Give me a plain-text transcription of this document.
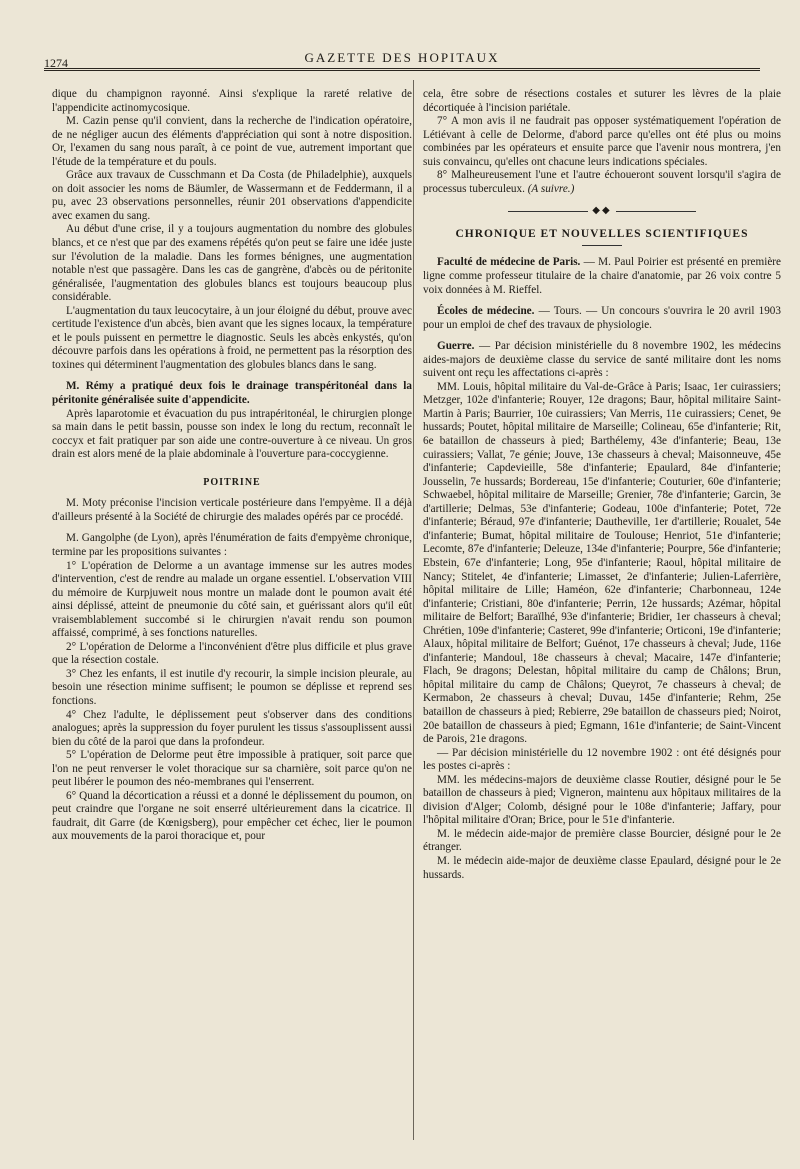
1274	GAZETTE DES HOPITAUX

dique du champignon rayonné. Ainsi s'explique la rareté relative de l'appendicite actinomycosique.

M. Cazin pense qu'il convient, dans la recherche de l'indication opératoire, de ne négliger aucun des éléments d'appréciation qui sont à notre disposition. Or, l'examen du sang nous paraît, à ce point de vue, autrement important que l'étude de la température et du pouls.

Grâce aux travaux de Cusschmann et Da Costa (de Philadelphie), auxquels on doit associer les noms de Bäumler, de Wassermann et de Feddermann, il a pu, avec 23 observations personnelles, réunir 201 observations d'appendicite avec examen du sang.

Au début d'une crise, il y a toujours augmentation du nombre des globules blancs, et ce n'est que par des examens répétés qu'on peut se faire une idée juste sur l'évolution de la maladie. Dans les formes bénignes, une augmentation notable n'est que passagère. Dans les cas de gangrène, d'abcès ou de péritonite généralisée, l'augmentation des globules blancs est toujours beaucoup plus considérable.

L'augmentation du taux leucocytaire, à un jour éloigné du début, prouve avec certitude l'existence d'un abcès, bien avant que les signes locaux, la température et le pouls puissent en permettre le diagnostic. Seuls les abcès enkystés, qu'on découvre parfois dans les opérations à froid, ne permettent pas la résorption des toxines qui déterminent l'augmentation des globules blancs dans le sang.

M. Rémy a pratiqué deux fois le drainage transpéritonéal dans la péritonite généralisée suite d'appendicite.

Après laparotomie et évacuation du pus intrapéritonéal, le chirurgien plonge sa main dans le petit bassin, pousse son index le long du rectum, reconnaît le coccyx et fait pratiquer par son aide une contre-ouverture à ce niveau. Un gros drain est alors mené de la plaie abdominale à l'ouverture para-coccygienne.

POITRINE

M. Moty préconise l'incision verticale postérieure dans l'empyème. Il a déjà d'ailleurs présenté à la Société de chirurgie des malades opérés par ce procédé.

M. Gangolphe (de Lyon), après l'énumération de faits d'empyème chronique, termine par les propositions suivantes :

1° L'opération de Delorme a un avantage immense sur les autres modes d'intervention, c'est de rendre au malade un organe essentiel. L'observation VIII du mémoire de Kurpjuweit nous montre un malade dont le poumon avait été ainsi déplissé, atteint de pneumonie du côté sain, et guérissant alors qu'il eût vraisemblablement succombé si le chirurgien n'avait rendu son poumon affaissé, comprimé, à ses fonctions naturelles.

2° L'opération de Delorme a l'inconvénient d'être plus difficile et plus grave que la résection costale.

3° Chez les enfants, il est inutile d'y recourir, la simple incision pleurale, au besoin une résection minime suffisent; le poumon se déplisse et reprend ses fonctions.

4° Chez l'adulte, le déplissement peut s'observer dans des conditions analogues; après la suppression du foyer purulent les tissus s'assouplissent aussi bien du côté de la paroi que dans la profondeur.

5° L'opération de Delorme peut être impossible à pratiquer, soit parce que l'on ne peut renverser le volet thoracique sur sa charnière, soit parce qu'on ne peut libérer le poumon des néo-membranes qui l'enserrent.

6° Quand la décortication a réussi et a donné le déplissement du poumon, on peut craindre que l'organe ne soit enserré ultérieurement dans la cicatrice. Il faudrait, dit Garre (de Kœnigsberg), pour empêcher cet échec, lier le poumon aux mouvements de la paroi thoracique et, pour

cela, être sobre de résections costales et suturer les lèvres de la plaie décortiquée à l'incision pariétale.

7° A mon avis il ne faudrait pas opposer systématiquement l'opération de Létiévant à celle de Delorme, d'abord parce qu'elles ont été plus ou moins combinées par les opérateurs et ensuite parce que l'avenir nous montrera, j'en suis convaincu, qu'elles ont chacune leurs indications spéciales.

8° Malheureusement l'une et l'autre échoueront souvent lorsqu'il s'agira de processus tuberculeux. (A suivre.)

◆◆
CHRONIQUE ET NOUVELLES SCIENTIFIQUES

Faculté de médecine de Paris. — M. Paul Poirier est présenté en première ligne comme professeur titulaire de la chaire d'anatomie, par 26 voix contre 5 voix données à M. Rieffel.

Écoles de médecine. — Tours. — Un concours s'ouvrira le 20 avril 1903 pour un emploi de chef des travaux de physiologie.

Guerre. — Par décision ministérielle du 8 novembre 1902, les médecins aides-majors de deuxième classe du service de santé militaire dont les noms suivent ont reçu les affectations ci-après :

MM. Louis, hôpital militaire du Val-de-Grâce à Paris; Isaac, 1er cuirassiers; Metzger, 102e d'infanterie; Rouyer, 12e dragons; Baur, hôpital militaire Saint-Martin à Paris; Baurrier, 10e cuirassiers; Van Merris, 11e cuirassiers; Cenet, 9e hussards; Poutet, hôpital militaire de Marseille; Colineau, 65e d'infanterie; Rit, 6e bataillon de chasseurs à pied; Barthélemy, 43e d'infanterie; Beau, 13e cuirassiers; Vallat, 7e génie; Jouve, 13e chasseurs à cheval; Maisonneuve, 45e d'infanterie; Capdevieille, 58e d'infanterie; Epaulard, 84e d'infanterie; Jousselin, 7e hussards; Bordereau, 15e d'infanterie; Couturier, 60e d'infanterie; Schwaebel, hôpital militaire de Marseille; Grenier, 78e d'infanterie; Garcin, 3e d'artillerie; Delmas, 53e d'infanterie; Godeau, 100e d'infanterie; Potet, 72e d'infanterie; Béraud, 97e d'infanterie; Dautheville, 1er d'artillerie; Roualet, 54e d'infanterie; Bumat, hôpital militaire de Toulouse; Henriot, 51e d'infanterie; Lecomte, 87e d'infanterie; Deleuze, 134e d'infanterie; Pourpre, 56e d'infanterie; Ebstein, 67e d'infanterie; Long, 95e d'infanterie; Raoul, hôpital militaire de Nancy; Stitelet, 4e d'infanterie; Limasset, 2e d'infanterie; Julien-Laferrière, hôpital militaire de Lille; Haméon, 62e d'infanterie; Charbonneau, 124e d'infanterie; Cristiani, 80e d'infanterie; Perrin, 12e hussards; Azémar, hôpital militaire de Belfort; Baraïlhé, 93e d'infanterie; Bridier, 1er chasseurs à cheval; Chrétien, 109e d'infanterie; Casteret, 99e d'infanterie; Orticoni, 19e d'infanterie; Alaux, hôpital militaire de Belfort; Guénot, 17e chasseurs à cheval; Jude, 116e d'infanterie; Mandoul, 18e chasseurs à cheval; Macaire, 147e d'infanterie; Flach, 9e dragons; Delestan, hôpital militaire du camp de Châlons; Brun, hôpital militaire du camp de Châlons; Queyrot, 7e chasseurs à cheval; de Kermabon, 2e chasseurs à cheval; Duvau, 145e d'infanterie; Rehm, 25e bataillon de chasseurs à pied; Rebierre, 29e bataillon de chasseurs pied; Noirot, 20e bataillon de chasseurs à pied; Egmann, 161e d'infanterie; de Saint-Vincent de Parois, 21e dragons.

— Par décision ministérielle du 12 novembre 1902 : ont été désignés pour les postes ci-après :

MM. les médecins-majors de deuxième classe Routier, désigné pour le 5e bataillon de chasseurs à pied; Vigneron, maintenu aux hôpitaux militaires de la division d'Alger; Colomb, désigné pour le 108e d'infanterie; Jaffary, pour l'hôpital militaire d'Oran; Brice, pour le 51e d'infanterie.

M. le médecin aide-major de première classe Bourcier, désigné pour le 2e étranger.

M. le médecin aide-major de deuxième classe Epaulard, désigné pour le 2e hussards.
